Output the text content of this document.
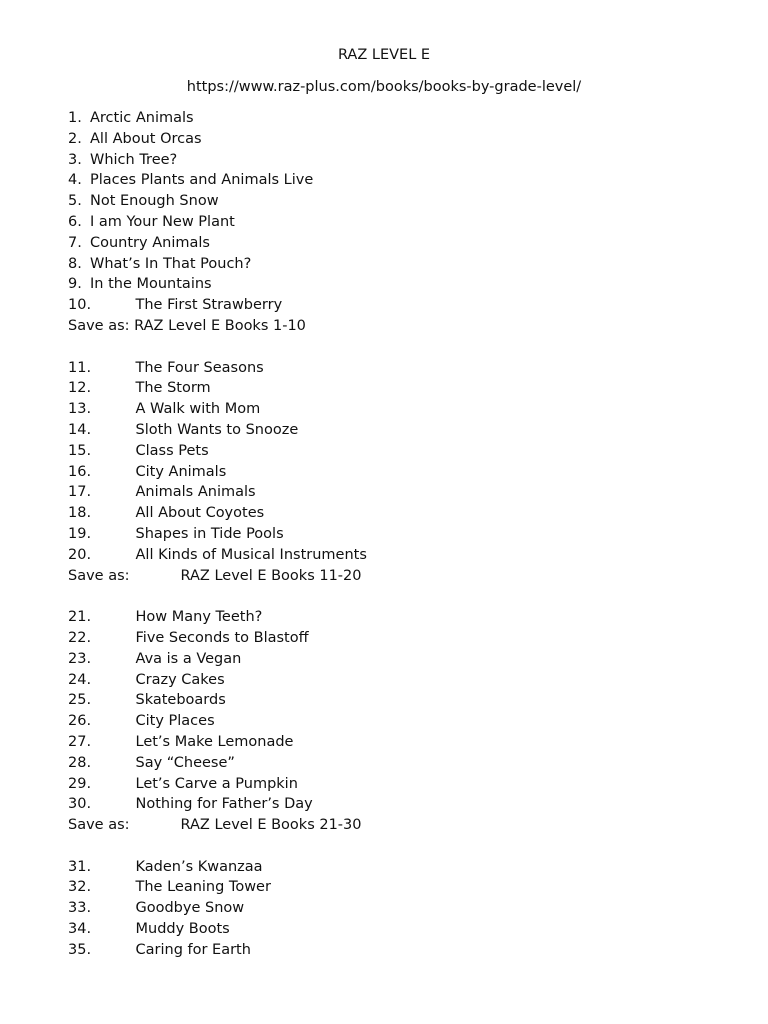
RAZ LEVEL E
https://www.raz-plus.com/books/books-by-grade-level/
1. Arctic Animals
2. All About Orcas
3. Which Tree?
4. Places Plants and Animals Live
5. Not Enough Snow
6. I am Your New Plant
7. Country Animals
8. What’s In That Pouch?
9. In the Mountains
10.	The First Strawberry
Save as: RAZ Level E Books 1-10
11.	The Four Seasons
12.	The Storm
13.	A Walk with Mom
14.	Sloth Wants to Snooze
15.	Class Pets
16.	City Animals
17.	Animals Animals
18.	All About Coyotes
19.	Shapes in Tide Pools
20.	All Kinds of Musical Instruments
Save as:	RAZ Level E Books 11-20
21.	How Many Teeth?
22.	Five Seconds to Blastoff
23.	Ava is a Vegan
24.	Crazy Cakes
25.	Skateboards
26.	City Places
27.	Let’s Make Lemonade
28.	Say “Cheese”
29.	Let’s Carve a Pumpkin
30.	Nothing for Father’s Day
Save as:	RAZ Level E Books 21-30
31.	Kaden’s Kwanzaa
32.	The Leaning Tower
33.	Goodbye Snow
34.	Muddy Boots
35.	Caring for Earth
